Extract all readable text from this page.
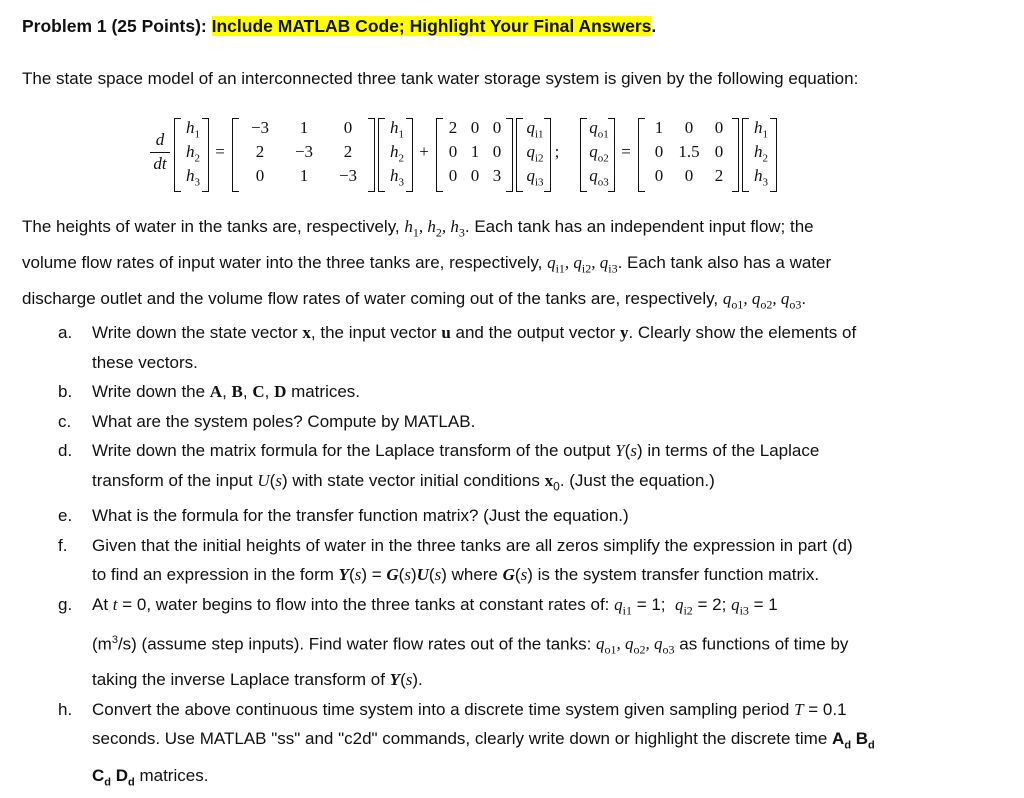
Problem 1 (25 Points): Include MATLAB Code; Highlight Your Final Answers.
The state space model of an interconnected three tank water storage system is given by the following equation:
d
dt
$h_1$
$h_2$
$h_3$
=
−3	1	0
2	−3	2
0	1	−3
$h_1$
$h_2$
$h_3$
+
2 0 0
0 1 0
0 0 3
$q_{i1}$
$q_{i2}$
$q_{i3}$
;
$q_{o1}$
$q_{o2}$
$q_{o3}$
=
1	0	0
0 1.5 0
0	0	2
$h_1$
$h_2$
$h_3$

The heights of water in the tanks are, respectively, $h_1$, $h_2$, $h_3$. Each tank has an independent input flow; the

volume flow rates of input water into the three tanks are, respectively, $q_{i1}$, $q_{i2}$, $q_{i3}$. Each tank also has a water

discharge outlet and the volume flow rates of water coming out of the tanks are, respectively, $q_{o1}$, $q_{o2}$, $q_{o3}$.

a.	Write down the state vector x, the input vector u and the output vector y. Clearly show the elements of
these vectors.
b.	Write down the A, B, C, D matrices.
c.	What are the system poles? Compute by MATLAB.
d.	Write down the matrix formula for the Laplace transform of the output Y(s) in terms of the Laplace
transform of the input U(s) with state vector initial conditions $x_0$. (Just the equation.)
e.	What is the formula for the transfer function matrix? (Just the equation.)
f.	Given that the initial heights of water in the three tanks are all zeros simplify the expression in part (d)
to find an expression in the form Y(s) = G(s)U(s) where G(s) is the system transfer function matrix.
g.	At t = 0, water begins to flow into the three tanks at constant rates of: $q_{i1} = 1$;  $q_{i2} = 2$; $q_{i3} = 1$
$(m^3/s)$ (assume step inputs). Find water flow rates out of the tanks: $q_{o1}$, $q_{o2}$, $q_{o3}$ as functions of time by
taking the inverse Laplace transform of Y(s).
h.	Convert the above continuous time system into a discrete time system given sampling period T = 0.1
seconds. Use MATLAB "ss" and "c2d" commands, clearly write down or highlight the discrete time $A_d$ $B_d$
$C_d$ $D_d$ matrices.
